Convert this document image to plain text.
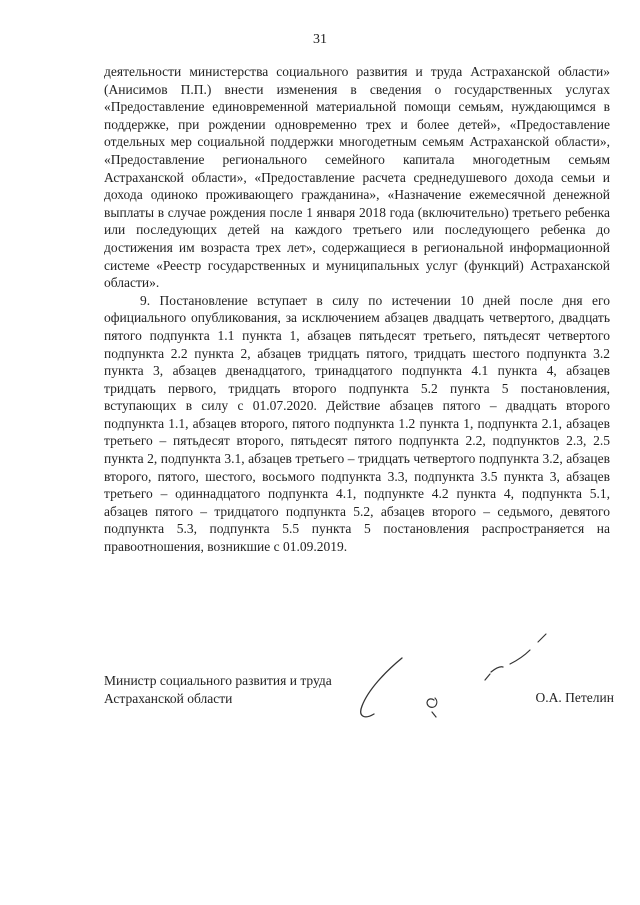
31

деятельности министерства социального развития и труда Астраханской области» (Анисимов П.П.) внести изменения в сведения о государственных услугах «Предоставление единовременной материальной помощи семьям, нуждающимся в поддержке, при рождении одновременно трех и более детей», «Предоставление отдельных мер социальной поддержки многодетным семьям Астраханской области», «Предоставление регионального семейного капитала многодетным семьям Астраханской области», «Предоставление расчета среднедушевого дохода семьи и дохода одиноко проживающего гражданина», «Назначение ежемесячной денежной выплаты в случае рождения после 1 января 2018 года (включительно) третьего ребенка или последующих детей на каждого третьего или последующего ребенка до достижения им возраста трех лет», содержащиеся в региональной информационной системе «Реестр государственных и муниципальных услуг (функций) Астраханской области».

9. Постановление вступает в силу по истечении 10 дней после дня его официального опубликования, за исключением абзацев двадцать четвертого, двадцать пятого подпункта 1.1 пункта 1, абзацев пятьдесят третьего, пятьдесят четвертого подпункта 2.2 пункта 2, абзацев тридцать пятого, тридцать шестого подпункта 3.2 пункта 3, абзацев двенадцатого, тринадцатого подпункта 4.1 пункта 4, абзацев тридцать первого, тридцать второго подпункта 5.2 пункта 5 постановления, вступающих в силу с 01.07.2020. Действие абзацев пятого – двадцать второго подпункта 1.1, абзацев второго, пятого подпункта 1.2 пункта 1, подпункта 2.1, абзацев третьего – пятьдесят второго, пятьдесят пятого подпункта 2.2, подпунктов 2.3, 2.5 пункта 2, подпункта 3.1, абзацев третьего – тридцать четвертого подпункта 3.2, абзацев второго, пятого, шестого, восьмого подпункта 3.3, подпункта 3.5 пункта 3, абзацев третьего – одиннадцатого подпункта 4.1, подпункте 4.2 пункта 4, подпункта 5.1, абзацев пятого – тридцатого подпункта 5.2, абзацев второго – седьмого, девятого подпункта 5.3, подпункта 5.5 пункта 5 постановления распространяется на правоотношения, возникшие с 01.09.2019.

Министр социального развития и труда
Астраханской области	О.А. Петелин
